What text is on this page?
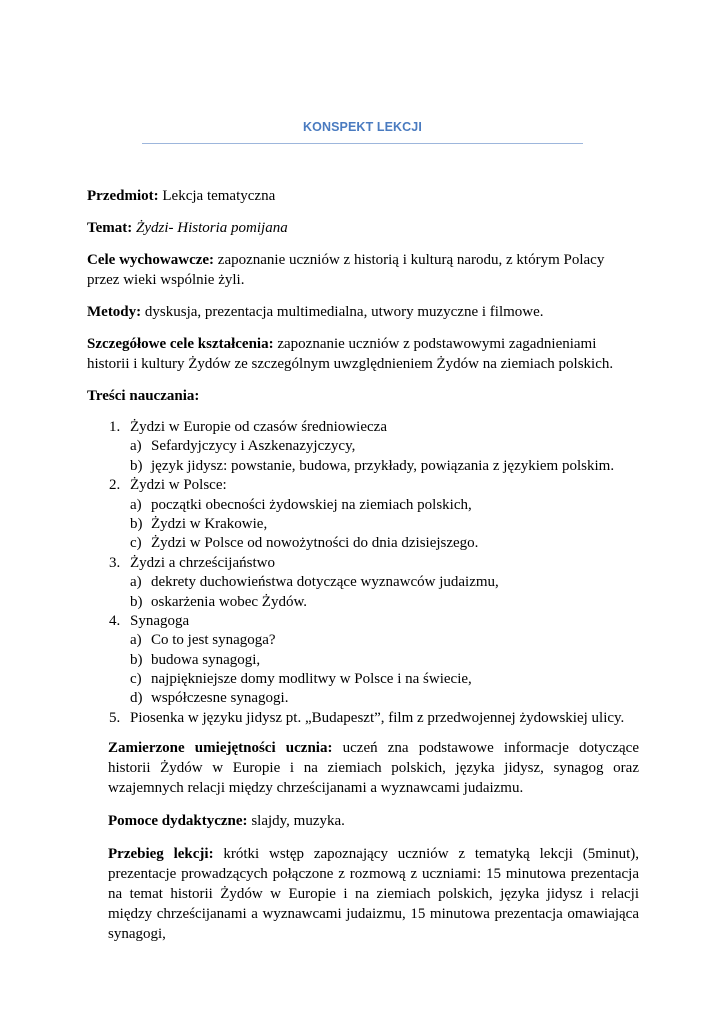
KONSPEKT LEKCJI

Przedmiot: Lekcja tematyczna

Temat: Żydzi- Historia pomijana

Cele wychowawcze: zapoznanie uczniów z historią i kulturą narodu, z którym Polacy przez wieki wspólnie żyli.

Metody: dyskusja, prezentacja multimedialna, utwory muzyczne i filmowe.

Szczegółowe cele kształcenia: zapoznanie uczniów z podstawowymi zagadnieniami historii i kultury Żydów ze szczególnym uwzględnieniem Żydów na ziemiach polskich.

Treści nauczania:

1. Żydzi w Europie od czasów średniowiecza
a) Sefardyjczycy i Aszkenazyjczycy,
b) język jidysz: powstanie, budowa, przykłady, powiązania z językiem polskim.
2. Żydzi w Polsce:
a) początki obecności żydowskiej na ziemiach polskich,
b) Żydzi w Krakowie,
c) Żydzi w Polsce od nowożytności do dnia dzisiejszego.
3. Żydzi a chrześcijaństwo
a) dekrety duchowieństwa dotyczące wyznawców judaizmu,
b) oskarżenia wobec Żydów.
4. Synagoga
a) Co to jest synagoga?
b) budowa synagogi,
c) najpiękniejsze domy modlitwy w Polsce i na świecie,
d) współczesne synagogi.
5. Piosenka w języku jidysz pt. „Budapeszt”, film z przedwojennej żydowskiej ulicy.

Zamierzone umiejętności ucznia: uczeń zna podstawowe informacje dotyczące historii Żydów w Europie i na ziemiach polskich, języka jidysz, synagog oraz wzajemnych relacji między chrześcijanami a wyznawcami judaizmu.

Pomoce dydaktyczne: slajdy, muzyka.

Przebieg lekcji: krótki wstęp zapoznający uczniów z tematyką lekcji (5minut), prezentacje prowadzących połączone z rozmową z uczniami: 15 minutowa prezentacja na temat historii Żydów w Europie i na ziemiach polskich, języka jidysz i relacji między chrześcijanami a wyznawcami judaizmu, 15 minutowa prezentacja omawiająca synagogi,
